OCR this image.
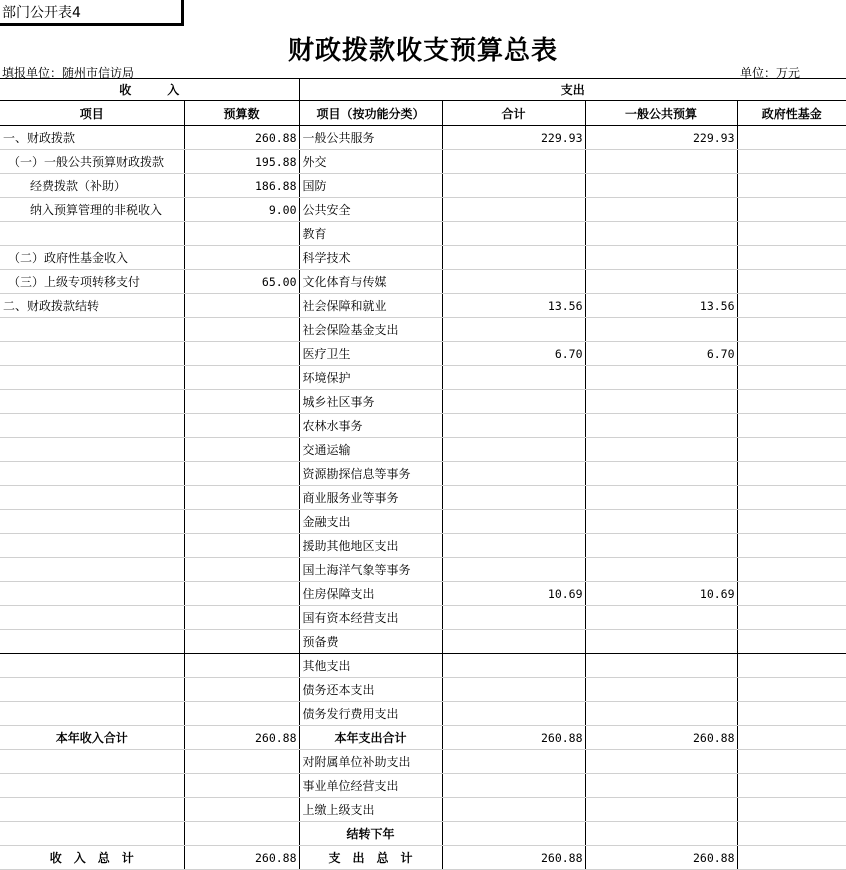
部门公开表4
财政拨款收支预算总表
填报单位：随州市信访局	单位：万元
收　　　入		支出			
项目	预算数	项目（按功能分类）	合计	一般公共预算	政府性基金
一、财政拨款	260.88	一般公共服务	229.93	229.93	
（一）一般公共预算财政拨款	195.88	外交			
经费拨款（补助）	186.88	国防			
纳入预算管理的非税收入	9.00	公共安全			
		教育			
（二）政府性基金收入		科学技术			
（三）上级专项转移支付	65.00	文化体育与传媒			
二、财政拨款结转		社会保障和就业	13.56	13.56	
		社会保险基金支出			
		医疗卫生	6.70	6.70	
		环境保护			
		城乡社区事务			
		农林水事务			
		交通运输			
		资源勘探信息等事务			
		商业服务业等事务			
		金融支出			
		援助其他地区支出			
		国土海洋气象等事务			
		住房保障支出	10.69	10.69	
		国有资本经营支出			
		预备费			
		其他支出			
		债务还本支出			
		债务发行费用支出			
本年收入合计	260.88	本年支出合计	260.88	260.88	
		对附属单位补助支出			
		事业单位经营支出			
		上缴上级支出			
		结转下年			
收　入　总　计	260.88	支　出　总　计	260.88	260.88	
